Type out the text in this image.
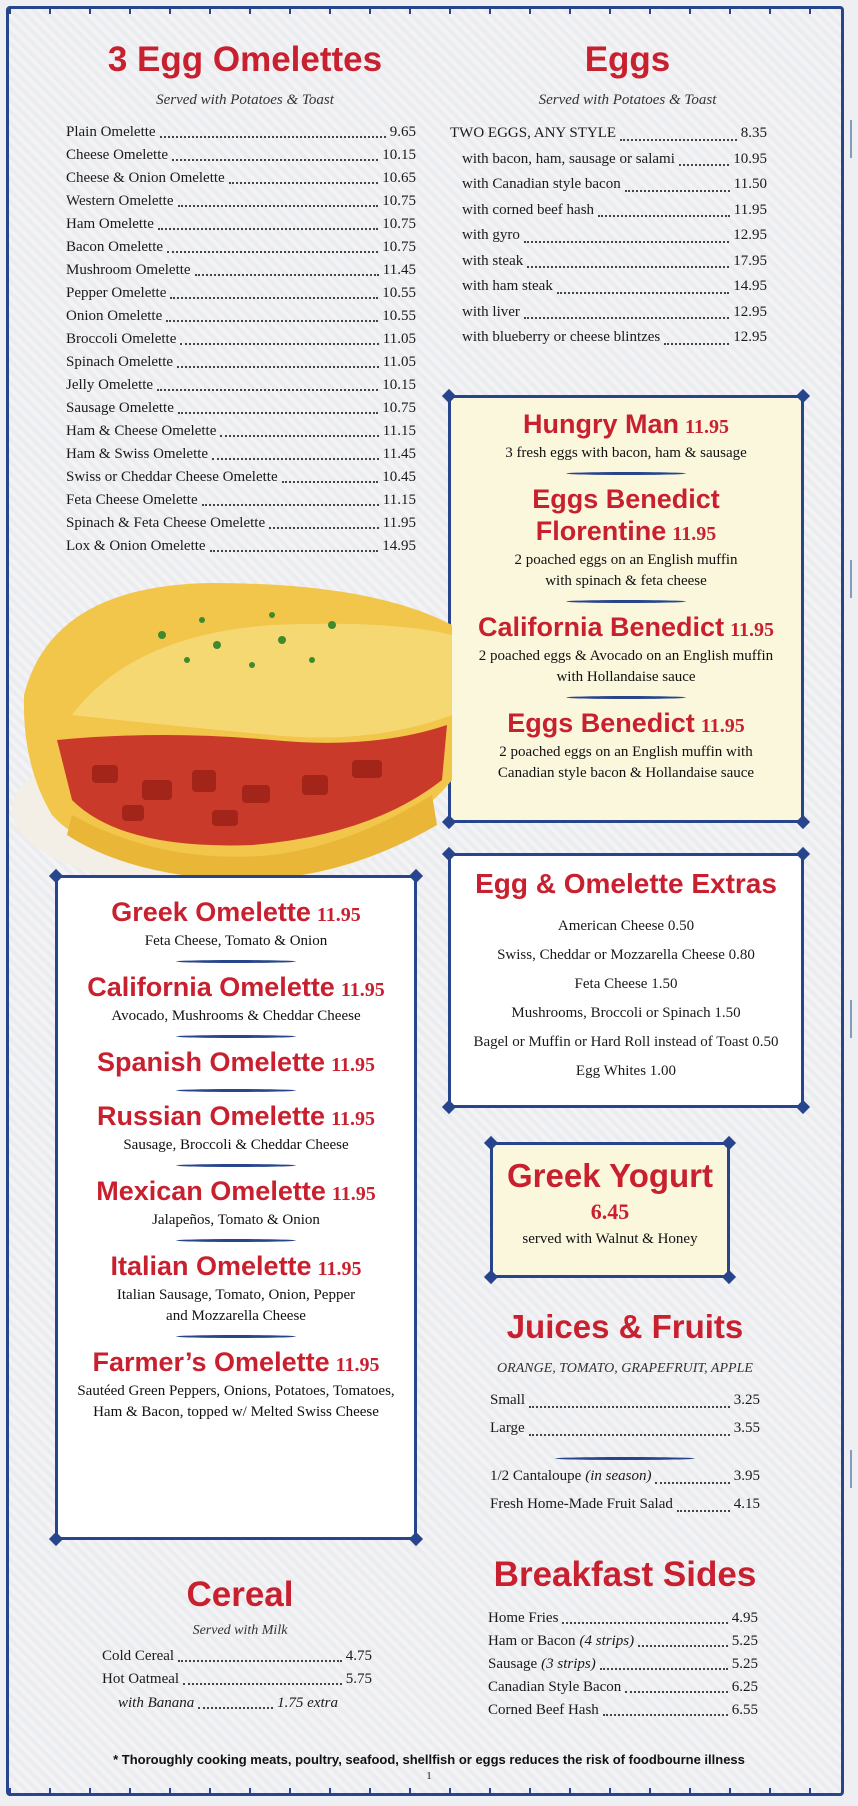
3 Egg Omelettes
Served with Potatoes & Toast
Plain Omelette	9.65
Cheese Omelette	10.15
Cheese & Onion Omelette	10.65
Western Omelette	10.75
Ham Omelette	10.75
Bacon Omelette	10.75
Mushroom Omelette	11.45
Pepper Omelette	10.55
Onion Omelette	10.55
Broccoli Omelette	11.05
Spinach Omelette	11.05
Jelly Omelette	10.15
Sausage Omelette	10.75
Ham & Cheese Omelette	11.15
Ham & Swiss Omelette	11.45
Swiss or Cheddar Cheese Omelette	10.45
Feta Cheese Omelette	11.15
Spinach & Feta Cheese Omelette	11.95
Lox & Onion Omelette	14.95
Eggs
Served with Potatoes & Toast
TWO EGGS, ANY STYLE	8.35
with bacon, ham, sausage or salami	10.95
with Canadian style bacon	11.50
with corned beef hash	11.95
with gyro	12.95
with steak	17.95
with ham steak	14.95
with liver	12.95
with blueberry or cheese blintzes	12.95
Hungry Man 11.95
3 fresh eggs with bacon, ham & sausage
Eggs Benedict Florentine 11.95
2 poached eggs on an English muffin
with spinach & feta cheese
California Benedict 11.95
2 poached eggs & Avocado on an English muffin
with Hollandaise sauce
Eggs Benedict 11.95
2 poached eggs on an English muffin with
Canadian style bacon & Hollandaise sauce
Greek Omelette 11.95
Feta Cheese, Tomato & Onion
California Omelette 11.95
Avocado, Mushrooms & Cheddar Cheese
Spanish Omelette 11.95
Russian Omelette 11.95
Sausage, Broccoli & Cheddar Cheese
Mexican Omelette 11.95
Jalapeños, Tomato & Onion
Italian Omelette 11.95
Italian Sausage, Tomato, Onion, Pepper
and Mozzarella Cheese
Farmer’s Omelette 11.95
Sautéed Green Peppers, Onions, Potatoes, Tomatoes,
Ham & Bacon, topped w/ Melted Swiss Cheese
Egg & Omelette Extras
American Cheese 0.50
Swiss, Cheddar or Mozzarella Cheese 0.80
Feta Cheese 1.50
Mushrooms, Broccoli or Spinach 1.50
Bagel or Muffin or Hard Roll instead of Toast 0.50
Egg Whites 1.00
Greek Yogurt
6.45
served with Walnut & Honey
Juices & Fruits
ORANGE, TOMATO, GRAPEFRUIT, APPLE
Small	3.25
Large	3.55
1/2 Cantaloupe (in season)	3.95
Fresh Home-Made Fruit Salad	4.15
Cereal
Served with Milk
Cold Cereal	4.75
Hot Oatmeal	5.75
with Banana	1.75 extra
Breakfast Sides
Home Fries	4.95
Ham or Bacon (4 strips)	5.25
Sausage (3 strips)	5.25
Canadian Style Bacon	6.25
Corned Beef Hash	6.55
* Thoroughly cooking meats, poultry, seafood, shellfish or eggs reduces the risk of foodbourne illness
1
